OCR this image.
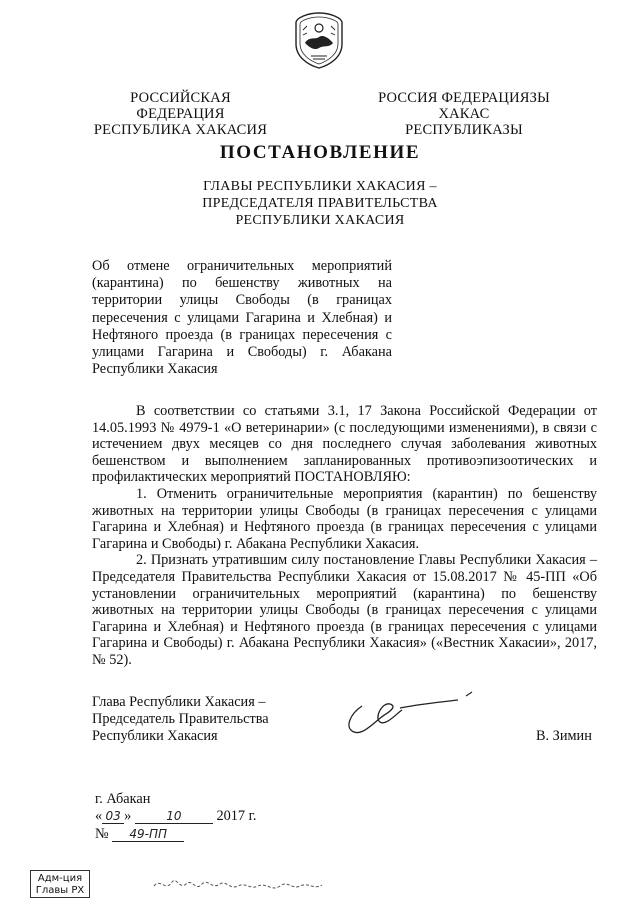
РОССИЙСКАЯ ФЕДЕРАЦИЯ
РЕСПУБЛИКА ХАКАСИЯ
РОССИЯ ФЕДЕРАЦИЯЗЫ
ХАКАС РЕСПУБЛИКАЗЫ
ПОСТАНОВЛЕНИЕ
ГЛАВЫ РЕСПУБЛИКИ ХАКАСИЯ –
ПРЕДСЕДАТЕЛЯ ПРАВИТЕЛЬСТВА
РЕСПУБЛИКИ ХАКАСИЯ
Об отмене ограничительных мероприятий (карантина) по бешенству животных на территории улицы Свободы (в границах пересечения с улицами Гагарина и Хлебная) и Нефтяного проезда (в границах пересечения с улицами Гагарина и Свободы) г. Абакана Республики Хакасия

В соответствии со статьями 3.1, 17 Закона Российской Федерации от 14.05.1993 № 4979-1 «О ветеринарии» (с последующими изменениями), в связи с истечением двух месяцев со дня последнего случая заболевания животных бешенством и выполнением запланированных противоэпизоотических и профилактических мероприятий ПОСТАНОВЛЯЮ:

1. Отменить ограничительные мероприятия (карантин) по бешенству животных на территории улицы Свободы (в границах пересечения с улицами Гагарина и Хлебная) и Нефтяного проезда (в границах пересечения с улицами Гагарина и Свободы) г. Абакана Республики Хакасия.

2. Признать утратившим силу постановление Главы Республики Хакасия – Председателя Правительства Республики Хакасия от 15.08.2017 № 45-ПП «Об установлении ограничительных мероприятий (карантина) по бешенству животных на территории улицы Свободы (в границах пересечения с улицами Гагарина и Хлебная) и Нефтяного проезда (в границах пересечения с улицами Гагарина и Свободы) г. Абакана Республики Хакасия» («Вестник Хакасии», 2017, № 52).

Глава Республики Хакасия –
Председатель Правительства
Республики Хакасия	В. Зимин
г. Абакан
« 03 »	10 2017 г.
№ 49-ПП
Адм-ция
Главы РХ
